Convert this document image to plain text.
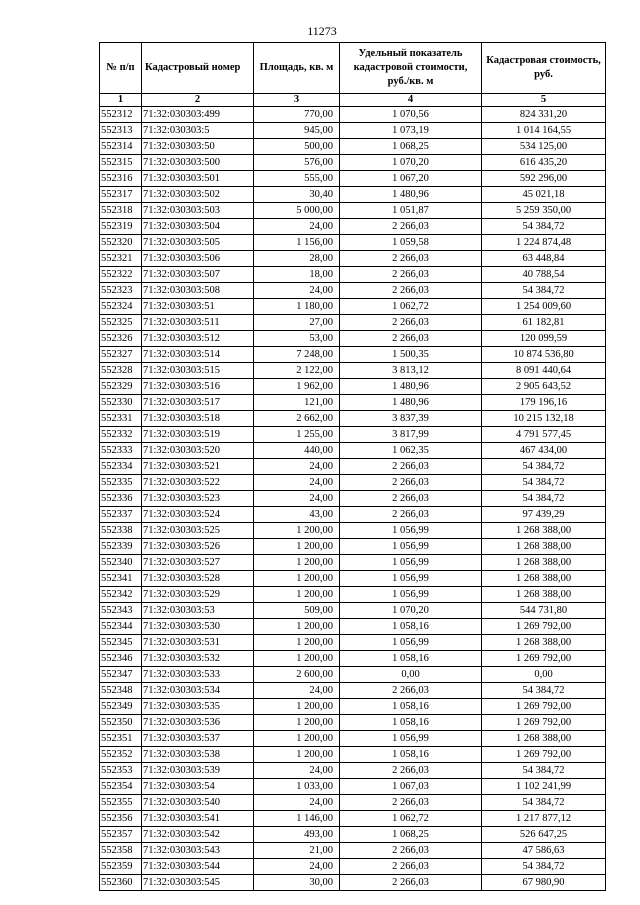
11273
№ п/п	Кадастровый номер	Площадь, кв. м	Удельный показатель кадастровой стоимости, руб./кв. м	Кадастровая стоимость, руб.
1	2	3	4	5
552312	71:32:030303:499	770,00	1 070,56	824 331,20
552313	71:32:030303:5	945,00	1 073,19	1 014 164,55
552314	71:32:030303:50	500,00	1 068,25	534 125,00
552315	71:32:030303:500	576,00	1 070,20	616 435,20
552316	71:32:030303:501	555,00	1 067,20	592 296,00
552317	71:32:030303:502	30,40	1 480,96	45 021,18
552318	71:32:030303:503	5 000,00	1 051,87	5 259 350,00
552319	71:32:030303:504	24,00	2 266,03	54 384,72
552320	71:32:030303:505	1 156,00	1 059,58	1 224 874,48
552321	71:32:030303:506	28,00	2 266,03	63 448,84
552322	71:32:030303:507	18,00	2 266,03	40 788,54
552323	71:32:030303:508	24,00	2 266,03	54 384,72
552324	71:32:030303:51	1 180,00	1 062,72	1 254 009,60
552325	71:32:030303:511	27,00	2 266,03	61 182,81
552326	71:32:030303:512	53,00	2 266,03	120 099,59
552327	71:32:030303:514	7 248,00	1 500,35	10 874 536,80
552328	71:32:030303:515	2 122,00	3 813,12	8 091 440,64
552329	71:32:030303:516	1 962,00	1 480,96	2 905 643,52
552330	71:32:030303:517	121,00	1 480,96	179 196,16
552331	71:32:030303:518	2 662,00	3 837,39	10 215 132,18
552332	71:32:030303:519	1 255,00	3 817,99	4 791 577,45
552333	71:32:030303:520	440,00	1 062,35	467 434,00
552334	71:32:030303:521	24,00	2 266,03	54 384,72
552335	71:32:030303:522	24,00	2 266,03	54 384,72
552336	71:32:030303:523	24,00	2 266,03	54 384,72
552337	71:32:030303:524	43,00	2 266,03	97 439,29
552338	71:32:030303:525	1 200,00	1 056,99	1 268 388,00
552339	71:32:030303:526	1 200,00	1 056,99	1 268 388,00
552340	71:32:030303:527	1 200,00	1 056,99	1 268 388,00
552341	71:32:030303:528	1 200,00	1 056,99	1 268 388,00
552342	71:32:030303:529	1 200,00	1 056,99	1 268 388,00
552343	71:32:030303:53	509,00	1 070,20	544 731,80
552344	71:32:030303:530	1 200,00	1 058,16	1 269 792,00
552345	71:32:030303:531	1 200,00	1 056,99	1 268 388,00
552346	71:32:030303:532	1 200,00	1 058,16	1 269 792,00
552347	71:32:030303:533	2 600,00	0,00	0,00
552348	71:32:030303:534	24,00	2 266,03	54 384,72
552349	71:32:030303:535	1 200,00	1 058,16	1 269 792,00
552350	71:32:030303:536	1 200,00	1 058,16	1 269 792,00
552351	71:32:030303:537	1 200,00	1 056,99	1 268 388,00
552352	71:32:030303:538	1 200,00	1 058,16	1 269 792,00
552353	71:32:030303:539	24,00	2 266,03	54 384,72
552354	71:32:030303:54	1 033,00	1 067,03	1 102 241,99
552355	71:32:030303:540	24,00	2 266,03	54 384,72
552356	71:32:030303:541	1 146,00	1 062,72	1 217 877,12
552357	71:32:030303:542	493,00	1 068,25	526 647,25
552358	71:32:030303:543	21,00	2 266,03	47 586,63
552359	71:32:030303:544	24,00	2 266,03	54 384,72
552360	71:32:030303:545	30,00	2 266,03	67 980,90
